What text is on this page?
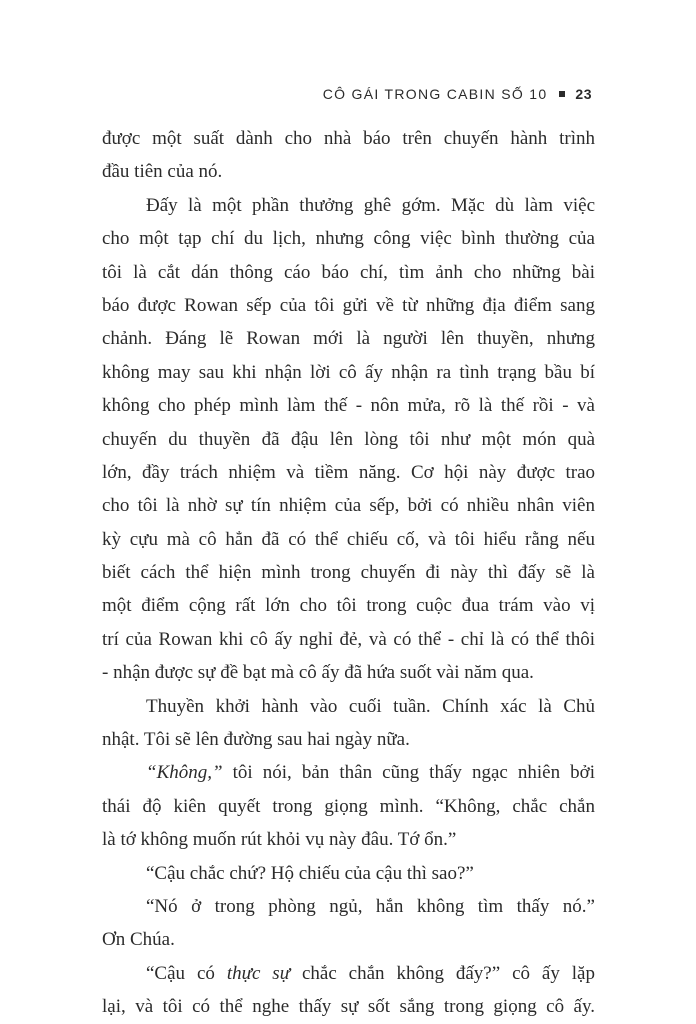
CÔ GÁI TRONG CABIN SỐ 10 23
được một suất dành cho nhà báo trên chuyến hành trình
đầu tiên của nó.
Đấy là một phần thưởng ghê gớm. Mặc dù làm việc
cho một tạp chí du lịch, nhưng công việc bình thường của
tôi là cắt dán thông cáo báo chí, tìm ảnh cho những bài
báo được Rowan sếp của tôi gửi về từ những địa điểm sang
chảnh. Đáng lẽ Rowan mới là người lên thuyền, nhưng
không may sau khi nhận lời cô ấy nhận ra tình trạng bầu bí
không cho phép mình làm thế - nôn mửa, rõ là thế rồi - và
chuyến du thuyền đã đậu lên lòng tôi như một món quà
lớn, đầy trách nhiệm và tiềm năng. Cơ hội này được trao
cho tôi là nhờ sự tín nhiệm của sếp, bởi có nhiều nhân viên
kỳ cựu mà cô hẳn đã có thể chiếu cố, và tôi hiểu rằng nếu
biết cách thể hiện mình trong chuyến đi này thì đấy sẽ là
một điểm cộng rất lớn cho tôi trong cuộc đua trám vào vị
trí của Rowan khi cô ấy nghỉ đẻ, và có thể - chỉ là có thể thôi
- nhận được sự đề bạt mà cô ấy đã hứa suốt vài năm qua.
Thuyền khởi hành vào cuối tuần. Chính xác là Chủ
nhật. Tôi sẽ lên đường sau hai ngày nữa.
“Không,” tôi nói, bản thân cũng thấy ngạc nhiên bởi
thái độ kiên quyết trong giọng mình. “Không, chắc chắn
là tớ không muốn rút khỏi vụ này đâu. Tớ ổn.”
“Cậu chắc chứ? Hộ chiếu của cậu thì sao?”
“Nó ở trong phòng ngủ, hắn không tìm thấy nó.”
Ơn Chúa.
“Cậu có thực sự chắc chắn không đấy?” cô ấy lặp
lại, và tôi có thể nghe thấy sự sốt sắng trong giọng cô ấy.
